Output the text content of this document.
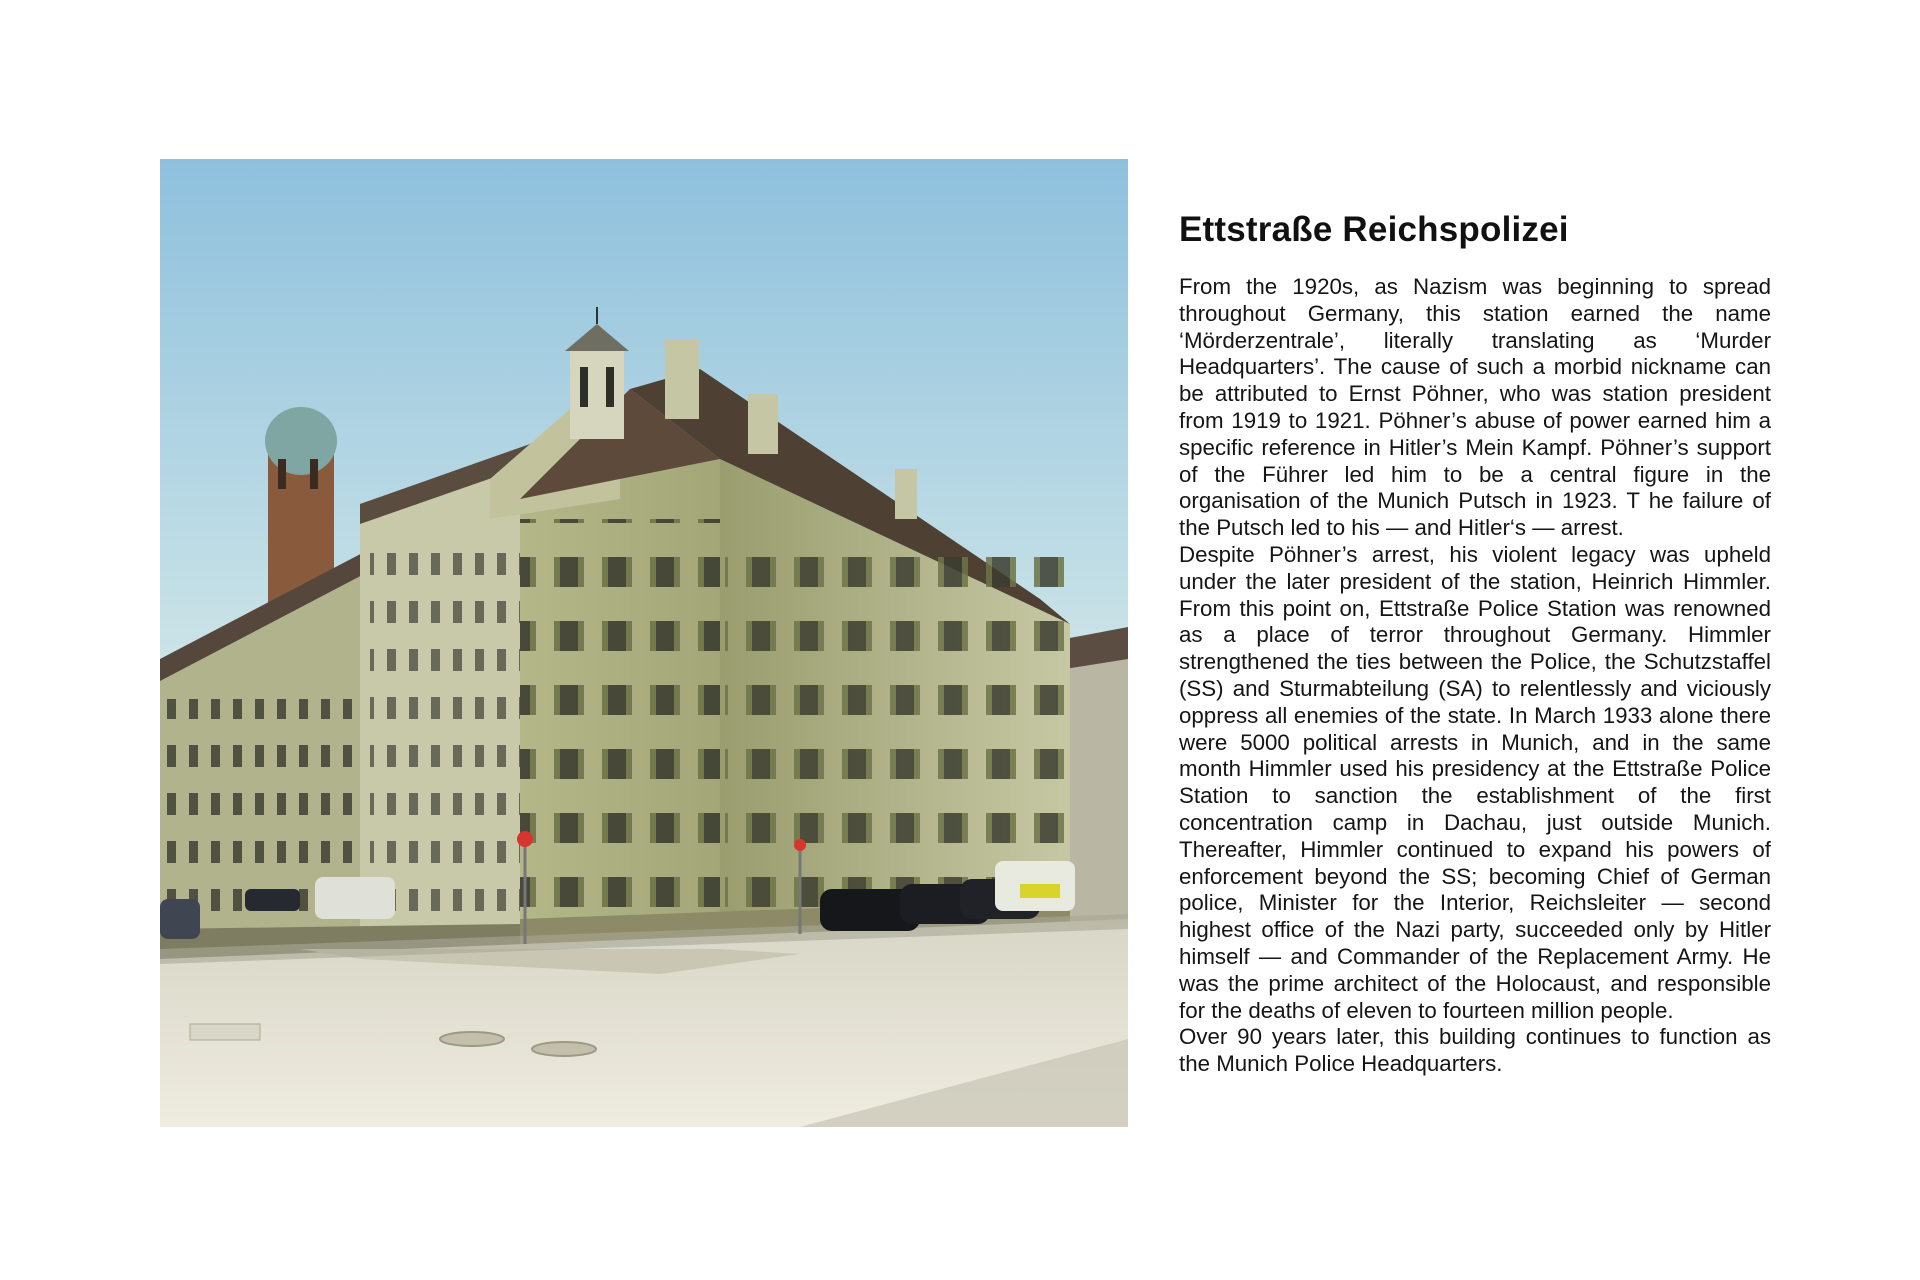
Ettstraße Reichspolizei

From the 1920s, as Nazism was beginning to spread throughout Germany, this station earned the name ‘Mörderzentrale’, literally translating as ‘Murder Headquarters’. The cause of such a morbid nickname can be attributed to Ernst Pöhner, who was station president from 1919 to 1921. Pöhner’s abuse of power earned him a specific reference in Hitler’s Mein Kampf. Pöhner’s support of the Führer led him to be a central figure in the organisation of the Munich Putsch in 1923. T he failure of the Putsch led to his — and Hitler‘s — arrest.

Despite Pöhner’s arrest, his violent legacy was upheld under the later president of the station, Heinrich Himmler. From this point on, Ettstraße Police Station was renowned as a place of terror throughout Germany. Himmler strengthened the ties between the Police, the Schutzstaffel (SS) and Sturmabteilung (SA) to relentlessly and viciously oppress all enemies of the state. In March 1933 alone there were 5000 political arrests in Munich, and in the same month Himmler used his presidency at the Ettstraße Police Station to sanction the establishment of the first concentration camp in Dachau, just outside Munich. Thereafter, Himmler continued to expand his powers of enforcement beyond the SS; becoming Chief of German police, Minister for the Interior, Reichsleiter — second highest office of the Nazi party, succeeded only by Hitler himself — and Commander of the Replacement Army. He was the prime architect of the Holocaust, and responsible for the deaths of eleven to fourteen million people.

Over 90 years later, this building continues to function as the Munich Police Headquarters.
